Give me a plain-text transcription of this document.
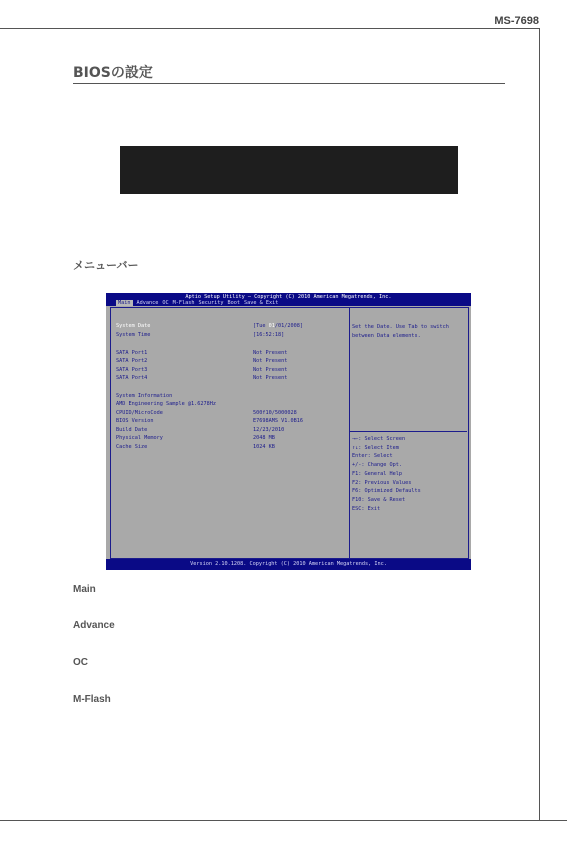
MS-7698
BIOSの設定
メニューバー
Aptio Setup Utility – Copyright (C) 2010 American Megatrends, Inc.
Main	Advance OC M-Flash Security Boot Save & Exit
System Date	[Tue 01/01/2008]
System Time	[16:52:18]
SATA Port1	Not Present
SATA Port2	Not Present
SATA Port3	Not Present
SATA Port4	Not Present
System Information
AMD Engineering Sample @1.6278Hz
CPUID/MicroCode	500f10/5000028
BIOS Version	E7698AMS V1.0B16
Build Date	12/23/2010
Physical Memory	2048 MB
Cache Size	1024 KB
Set the Date. Use Tab to switch between Data elements.
→←: Select Screen
↑↓: Select Item
Enter: Select
+/-: Change Opt.
F1: General Help
F2: Previous Values
F6: Optimized Defaults
F10: Save & Reset
ESC: Exit
Version 2.10.1208. Copyright (C) 2010 American Megatrends, Inc.
Main
Advance
OC
M-Flash
